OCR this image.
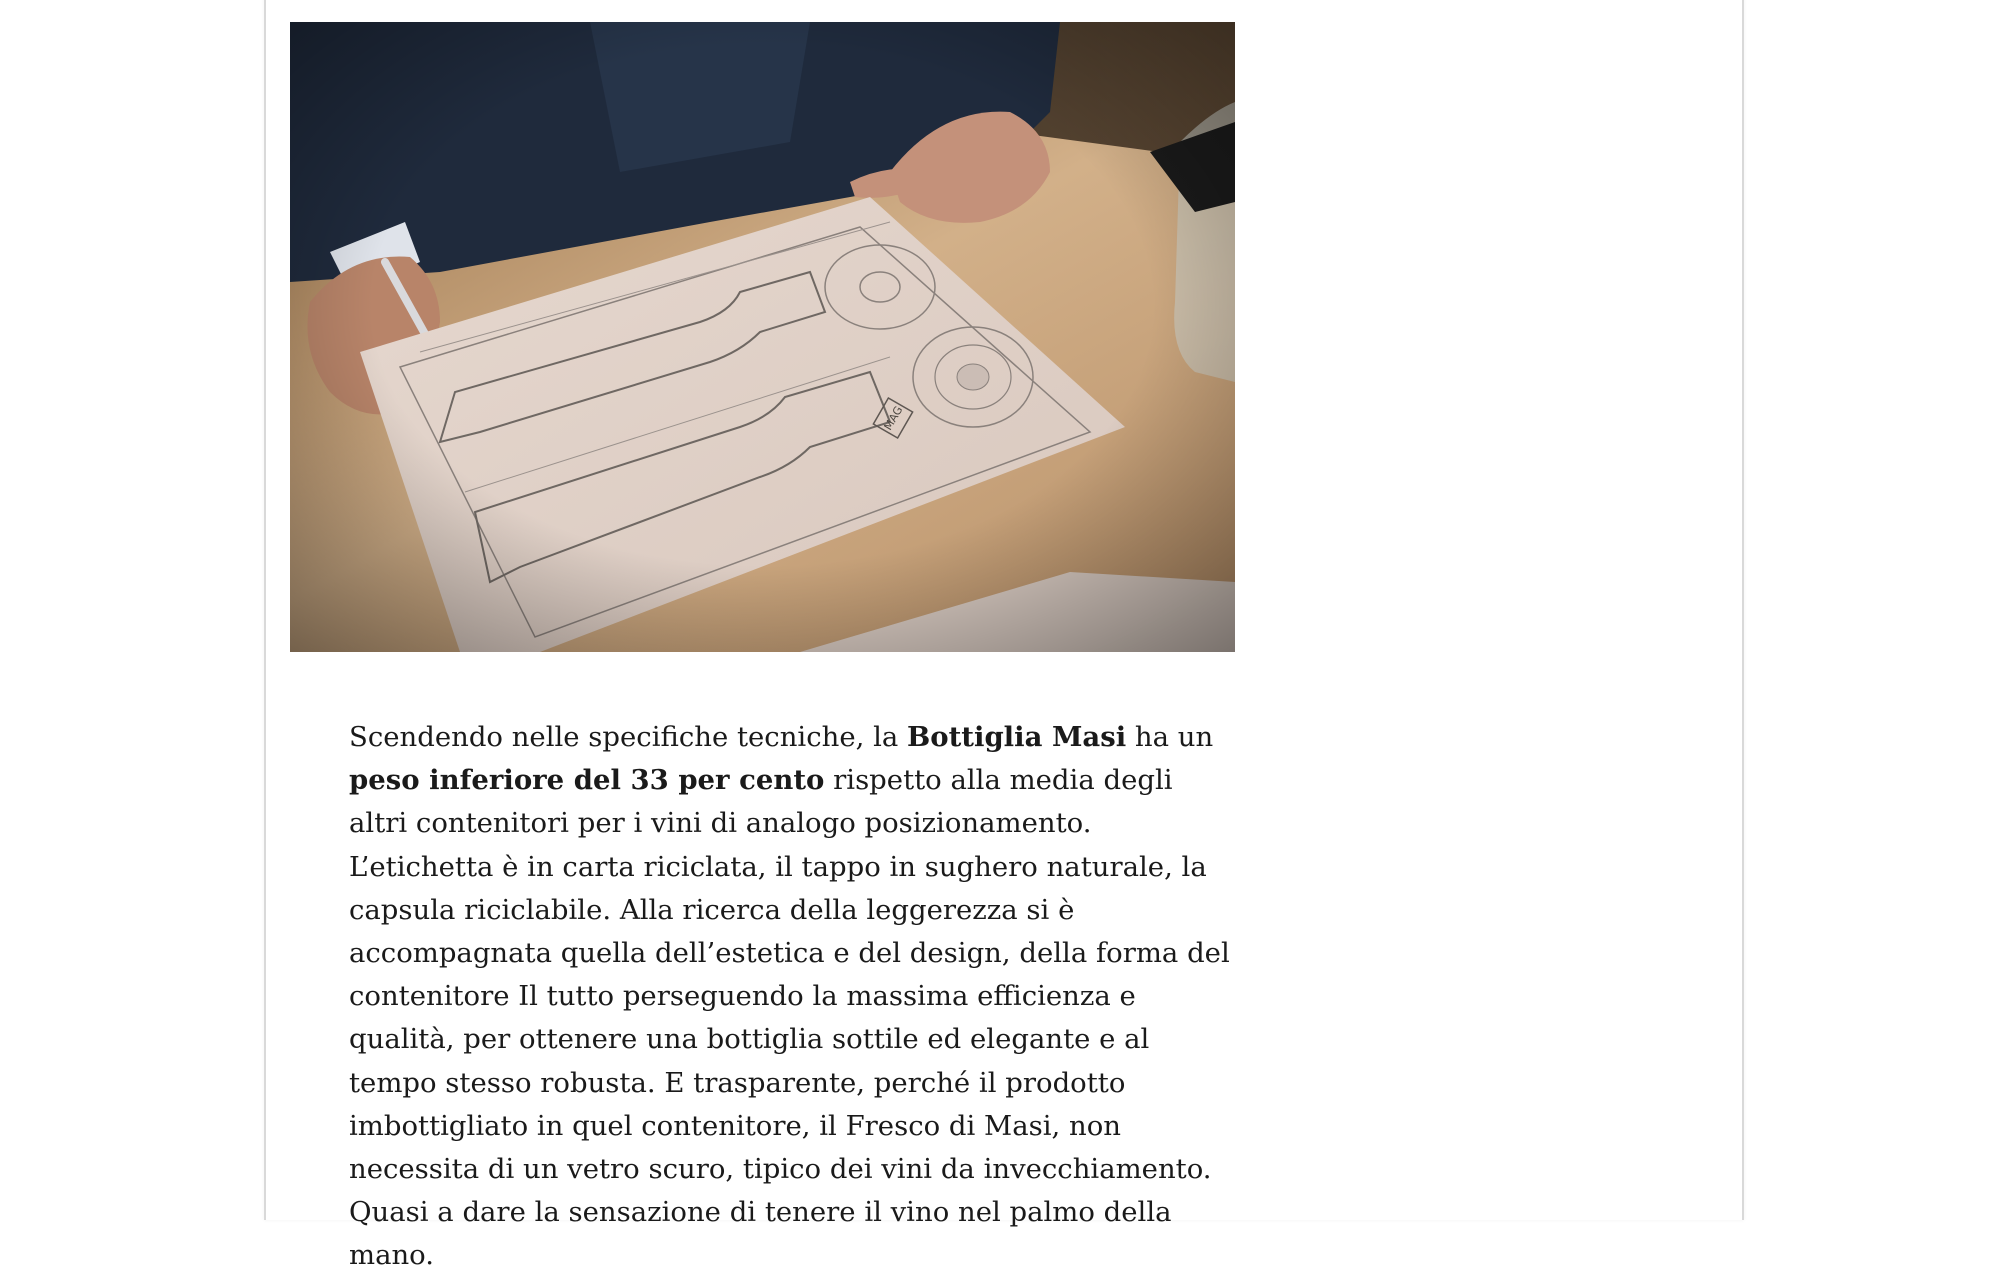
Scendendo nelle specifiche tecniche, la Bottiglia Masi ha un peso inferiore del 33 per cento rispetto alla media degli altri contenitori per i vini di analogo posizionamento. L’etichetta è in carta riciclata, il tappo in sughero naturale, la capsula riciclabile. Alla ricerca della leggerezza si è accompagnata quella dell’estetica e del design, della forma del contenitore Il tutto perseguendo la massima efficienza e qualità, per ottenere una bottiglia sottile ed elegante e al tempo stesso robusta. E trasparente, perché il prodotto imbottigliato in quel contenitore, il Fresco di Masi, non necessita di un vetro scuro, tipico dei vini da invecchiamento. Quasi a dare la sensazione di tenere il vino nel palmo della mano.
